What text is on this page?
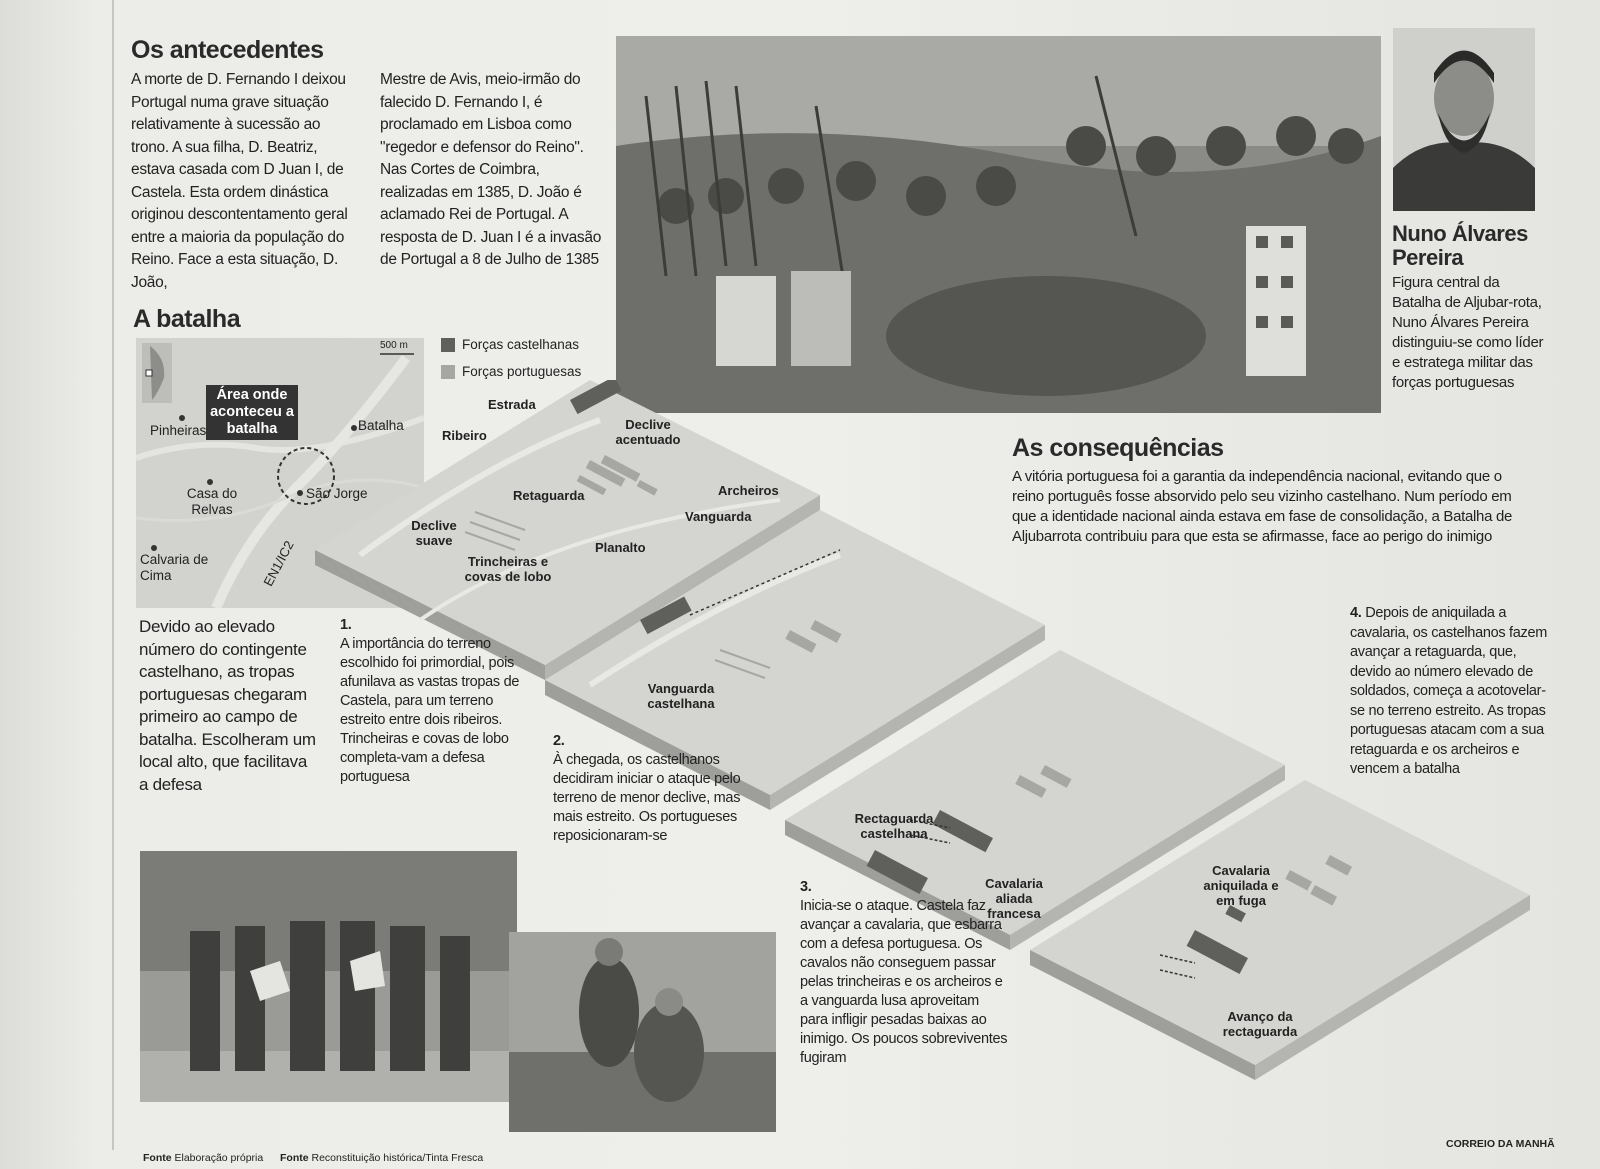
Os antecedentes

A morte de D. Fernando I deixou Portugal numa grave situação relativamente à sucessão ao trono. A sua filha, D. Beatriz, estava casada com D Juan I, de Castela. Esta ordem dinástica originou descontentamento geral entre a maioria da população do Reino. Face a esta situação, D. João,

Mestre de Avis, meio-irmão do falecido D. Fernando I, é proclamado em Lisboa como "regedor e defensor do Reino". Nas Cortes de Coimbra, realizadas em 1385, D. João é aclamado Rei de Portugal. A resposta de D. Juan I é a invasão de Portugal a 8 de Julho de 1385

Nuno Álvares Pereira
Figura central da Batalha de Aljubar-rota, Nuno Álvares Pereira distinguiu-se como líder e estratega militar das forças portuguesas
As consequências
A vitória portuguesa foi a garantia da independência nacional, evitando que o reino português fosse absorvido pelo seu vizinho castelhano. Num período em que a identidade nacional ainda estava em fase de consolidação, a Batalha de Aljubarrota contribuiu para que esta se afirmasse, face ao perigo do inimigo
A batalha
500 m
Área onde aconteceu a batalha
Pinheiras	Batalha
São Jorge
Casa do Relvas
Calvaria de Cima	EN1/IC2
Forças castelhanas
Forças portuguesas
Estrada
Ribeiro
Declive acentuado
Retaguarda	Archeiros
Vanguarda
Declive suave	Planalto
Trincheiras e covas de lobo
Vanguarda castelhana
Rectaguarda castelhana
Cavalaria aliada francesa
Cavalaria aniquilada e em fuga
Avanço da rectaguarda
Devido ao elevado número do contingente castelhano, as tropas portuguesas chegaram primeiro ao campo de batalha. Escolheram um local alto, que facilitava a defesa
1.
A importância do terreno escolhido foi primordial, pois afunilava as vastas tropas de Castela, para um terreno estreito entre dois ribeiros. Trincheiras e covas de lobo completa-vam a defesa portuguesa
2.
À chegada, os castelhanos decidiram iniciar o ataque pelo terreno de menor declive, mas mais estreito. Os portugueses reposicionaram-se
3.
Inicia-se o ataque. Castela faz avançar a cavalaria, que esbarra com a defesa portuguesa. Os cavalos não conseguem passar pelas trincheiras e os archeiros e a vanguarda lusa aproveitam para infligir pesadas baixas ao inimigo. Os poucos sobreviventes fugiram
4. Depois de aniquilada a cavalaria, os castelhanos fazem avançar a retaguarda, que, devido ao número elevado de soldados, começa a acotovelar-se no terreno estreito. As tropas portuguesas atacam com a sua retaguarda e os archeiros e vencem a batalha
Fonte Elaboração própria Fonte Reconstituição histórica/Tinta Fresca
CORREIO DA MANHÃ
